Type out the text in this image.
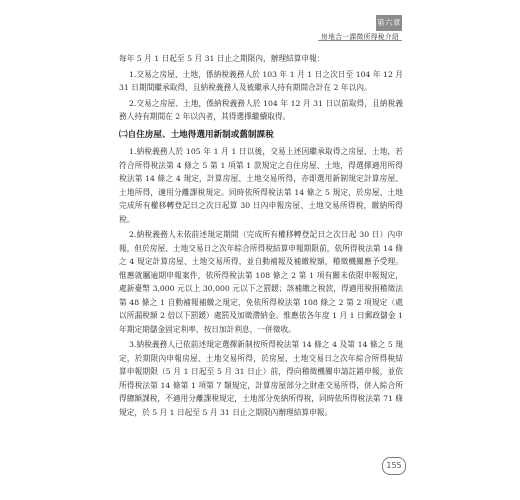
第六章
房地合一課徵所得稅介紹

每年 5 月 1 日起至 5 月 31 日止之期限內，辦理結算申報：

1.交易之房屋、土地，係納稅義務人於 103 年 1 月 1 日之次日至 104 年 12 月 31 日期間繼承取得，且納稅義務人及被繼承人持有期間合計在 2 年以內。

2.交易之房屋、土地，係納稅義務人於 104 年 12 月 31 日以前取得，且納稅義務人持有期間在 2 年以內者，其得選擇繼續取得。

㈡自住房屋、土地得選用新制或舊制課稅

1.納稅義務人於 105 年 1 月 1 日以後，交易上述因繼承取得之房屋、土地，若符合所得稅法第 4 條之 5 第 1 項第 1 款規定之自住房屋、土地，得選擇適用所得稅法第 14 條之 4 規定，計算房屋、土地交易所得，亦即選用新制規定計算房屋、土地所得，適用分離課稅規定。同時依所得稅法第 14 條之 5 規定，於房屋、土地完成所有權移轉登記日之次日起算 30 日內申報房屋、土地交易所得稅，繳納所得稅。

2.納稅義務人未依前述規定期間（完成所有權移轉登記日之次日起 30 日）內申報，但於房屋、土地交易日之次年綜合所得稅結算申報期限前，依所得稅法第 14 條之 4 規定計算房屋、土地交易所得，並自動補報及補繳稅額，稽徵機關應予受理。惟應就屬逾期申報案件，依所得稅法第 108 條之 2 第 1 項有關未依限申報規定，處新臺幣 3,000 元以上 30,000 元以下之罰鍰；該補繳之稅款，得適用稅捐稽徵法第 48 條之 1 自動補報補繳之規定，免依所得稅法第 108 條之 2 第 2 項規定（處以所漏稅額 2 倍以下罰鍰）處罰及加徵滯納金。惟應依各年度 1 月 1 日郵政儲金 1 年期定期儲金固定利率，按日加計利息，一併徵收。

3.納稅義務人已依前述規定選擇新制按所得稅法第 14 條之 4 及第 14 條之 5 規定，於期限內申報房屋、土地交易所得，於房屋、土地交易日之次年綜合所得稅結算申報期限（5 月 1 日起至 5 月 31 日止）前，得向稽徵機關申請註銷申報，並依所得稅法第 14 條第 1 項第 7 類規定，計算房屋部分之財產交易所得，併入綜合所得總額課稅，不適用分離課稅規定，土地部分免納所得稅，同時依所得稅法第 71 條規定，於 5 月 1 日起至 5 月 31 日止之期限內辦理結算申報。

155
